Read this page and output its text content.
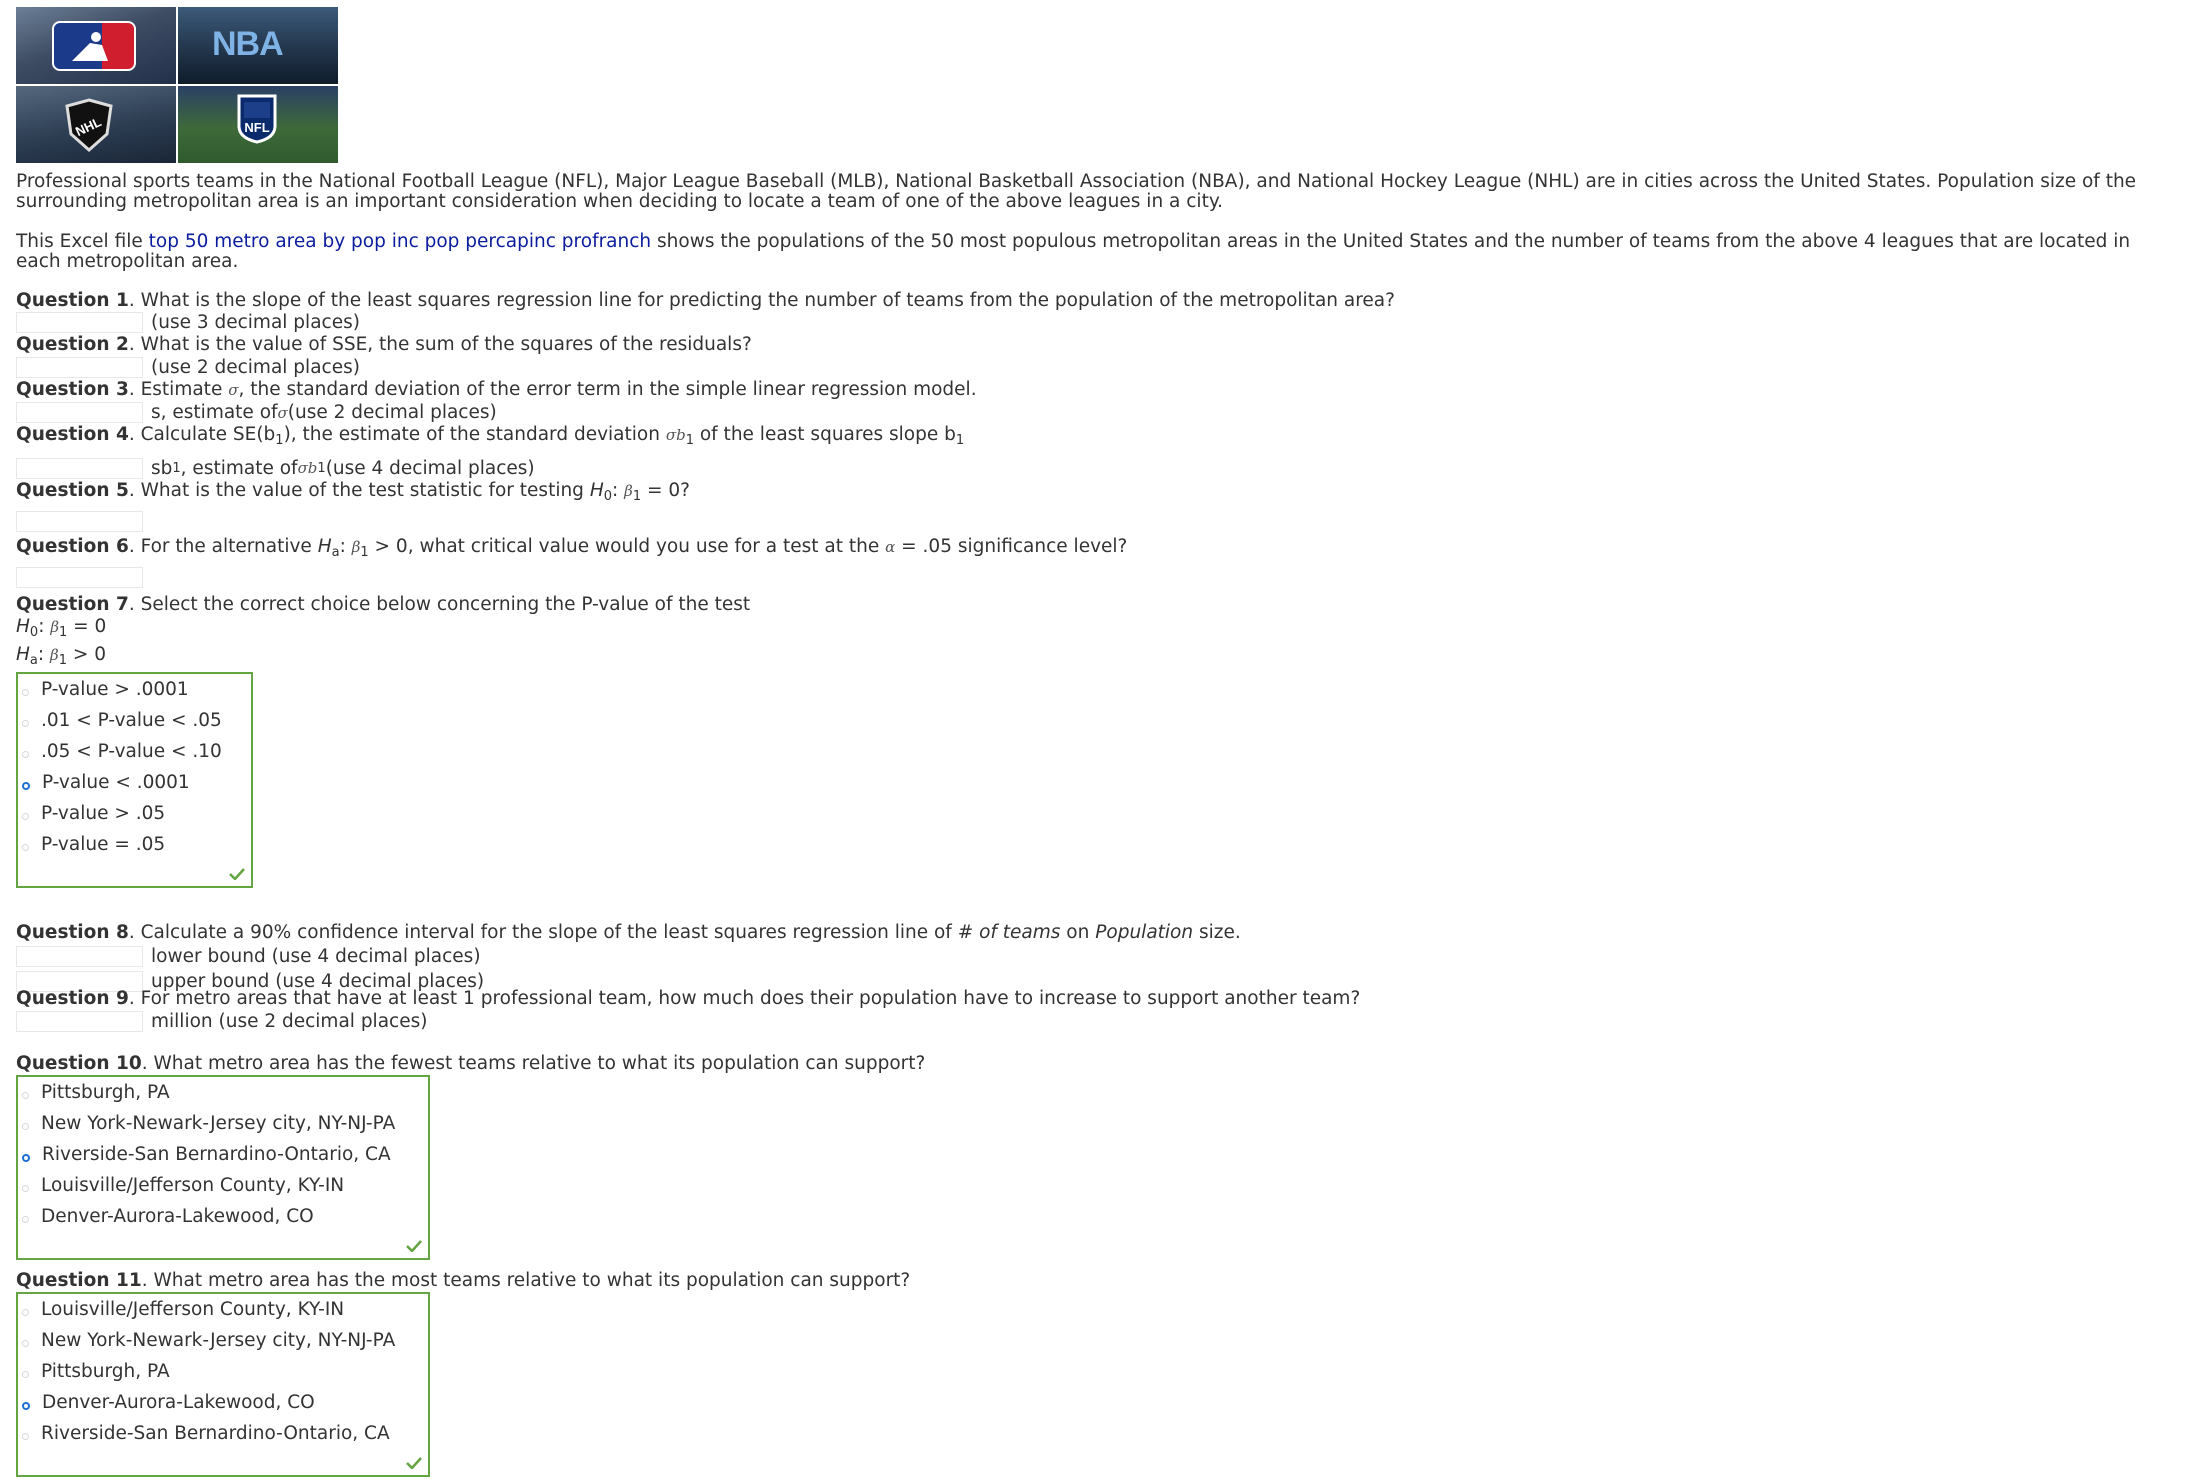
NBA
NHL	NFL

Professional sports teams in the National Football League (NFL), Major League Baseball (MLB), National Basketball Association (NBA), and National Hockey League (NHL) are in cities across the United States. Population size of the surrounding metropolitan area is an important consideration when deciding to locate a team of one of the above leagues in a city.

This Excel file top 50 metro area by pop inc pop percapinc profranch shows the populations of the 50 most populous metropolitan areas in the United States and the number of teams from the above 4 leagues that are located in each metropolitan area.

Question 1. What is the slope of the least squares regression line for predicting the number of teams from the population of the metropolitan area?
(use 3 decimal places)
Question 2. What is the value of SSE, the sum of the squares of the residuals?
(use 2 decimal places)
Question 3. Estimate σ, the standard deviation of the error term in the simple linear regression model.
s, estimate of σ (use 2 decimal places)
Question 4. Calculate $SE(b_1)$, the estimate of the standard deviation $\sigma b_1$ of the least squares slope $b_1$
s b 1 , estimate of σb 1 (use 4 decimal places)
Question 5. What is the value of the test statistic for testing $H_0$: $\beta_1 = 0$?
Question 6. For the alternative $H_a$: $\beta_1 > 0$, what critical value would you use for a test at the α = .05 significance level?
Question 7. Select the correct choice below concerning the P-value of the test
$H_0$: $\beta_1 = 0$
$H_a$: $\beta_1 > 0$
P-value > .0001
.01 < P-value < .05
.05 < P-value < .10
P-value < .0001
P-value > .05
P-value = .05
Question 8. Calculate a 90% confidence interval for the slope of the least squares regression line of # of teams on Population size.
lower bound (use 4 decimal places)
upper bound (use 4 decimal places)
Question 9. For metro areas that have at least 1 professional team, how much does their population have to increase to support another team?
million (use 2 decimal places)
Question 10. What metro area has the fewest teams relative to what its population can support?
Pittsburgh, PA
New York-Newark-Jersey city, NY-NJ-PA
Riverside-San Bernardino-Ontario, CA
Louisville/Jefferson County, KY-IN
Denver-Aurora-Lakewood, CO
Question 11. What metro area has the most teams relative to what its population can support?
Louisville/Jefferson County, KY-IN
New York-Newark-Jersey city, NY-NJ-PA
Pittsburgh, PA
Denver-Aurora-Lakewood, CO
Riverside-San Bernardino-Ontario, CA
